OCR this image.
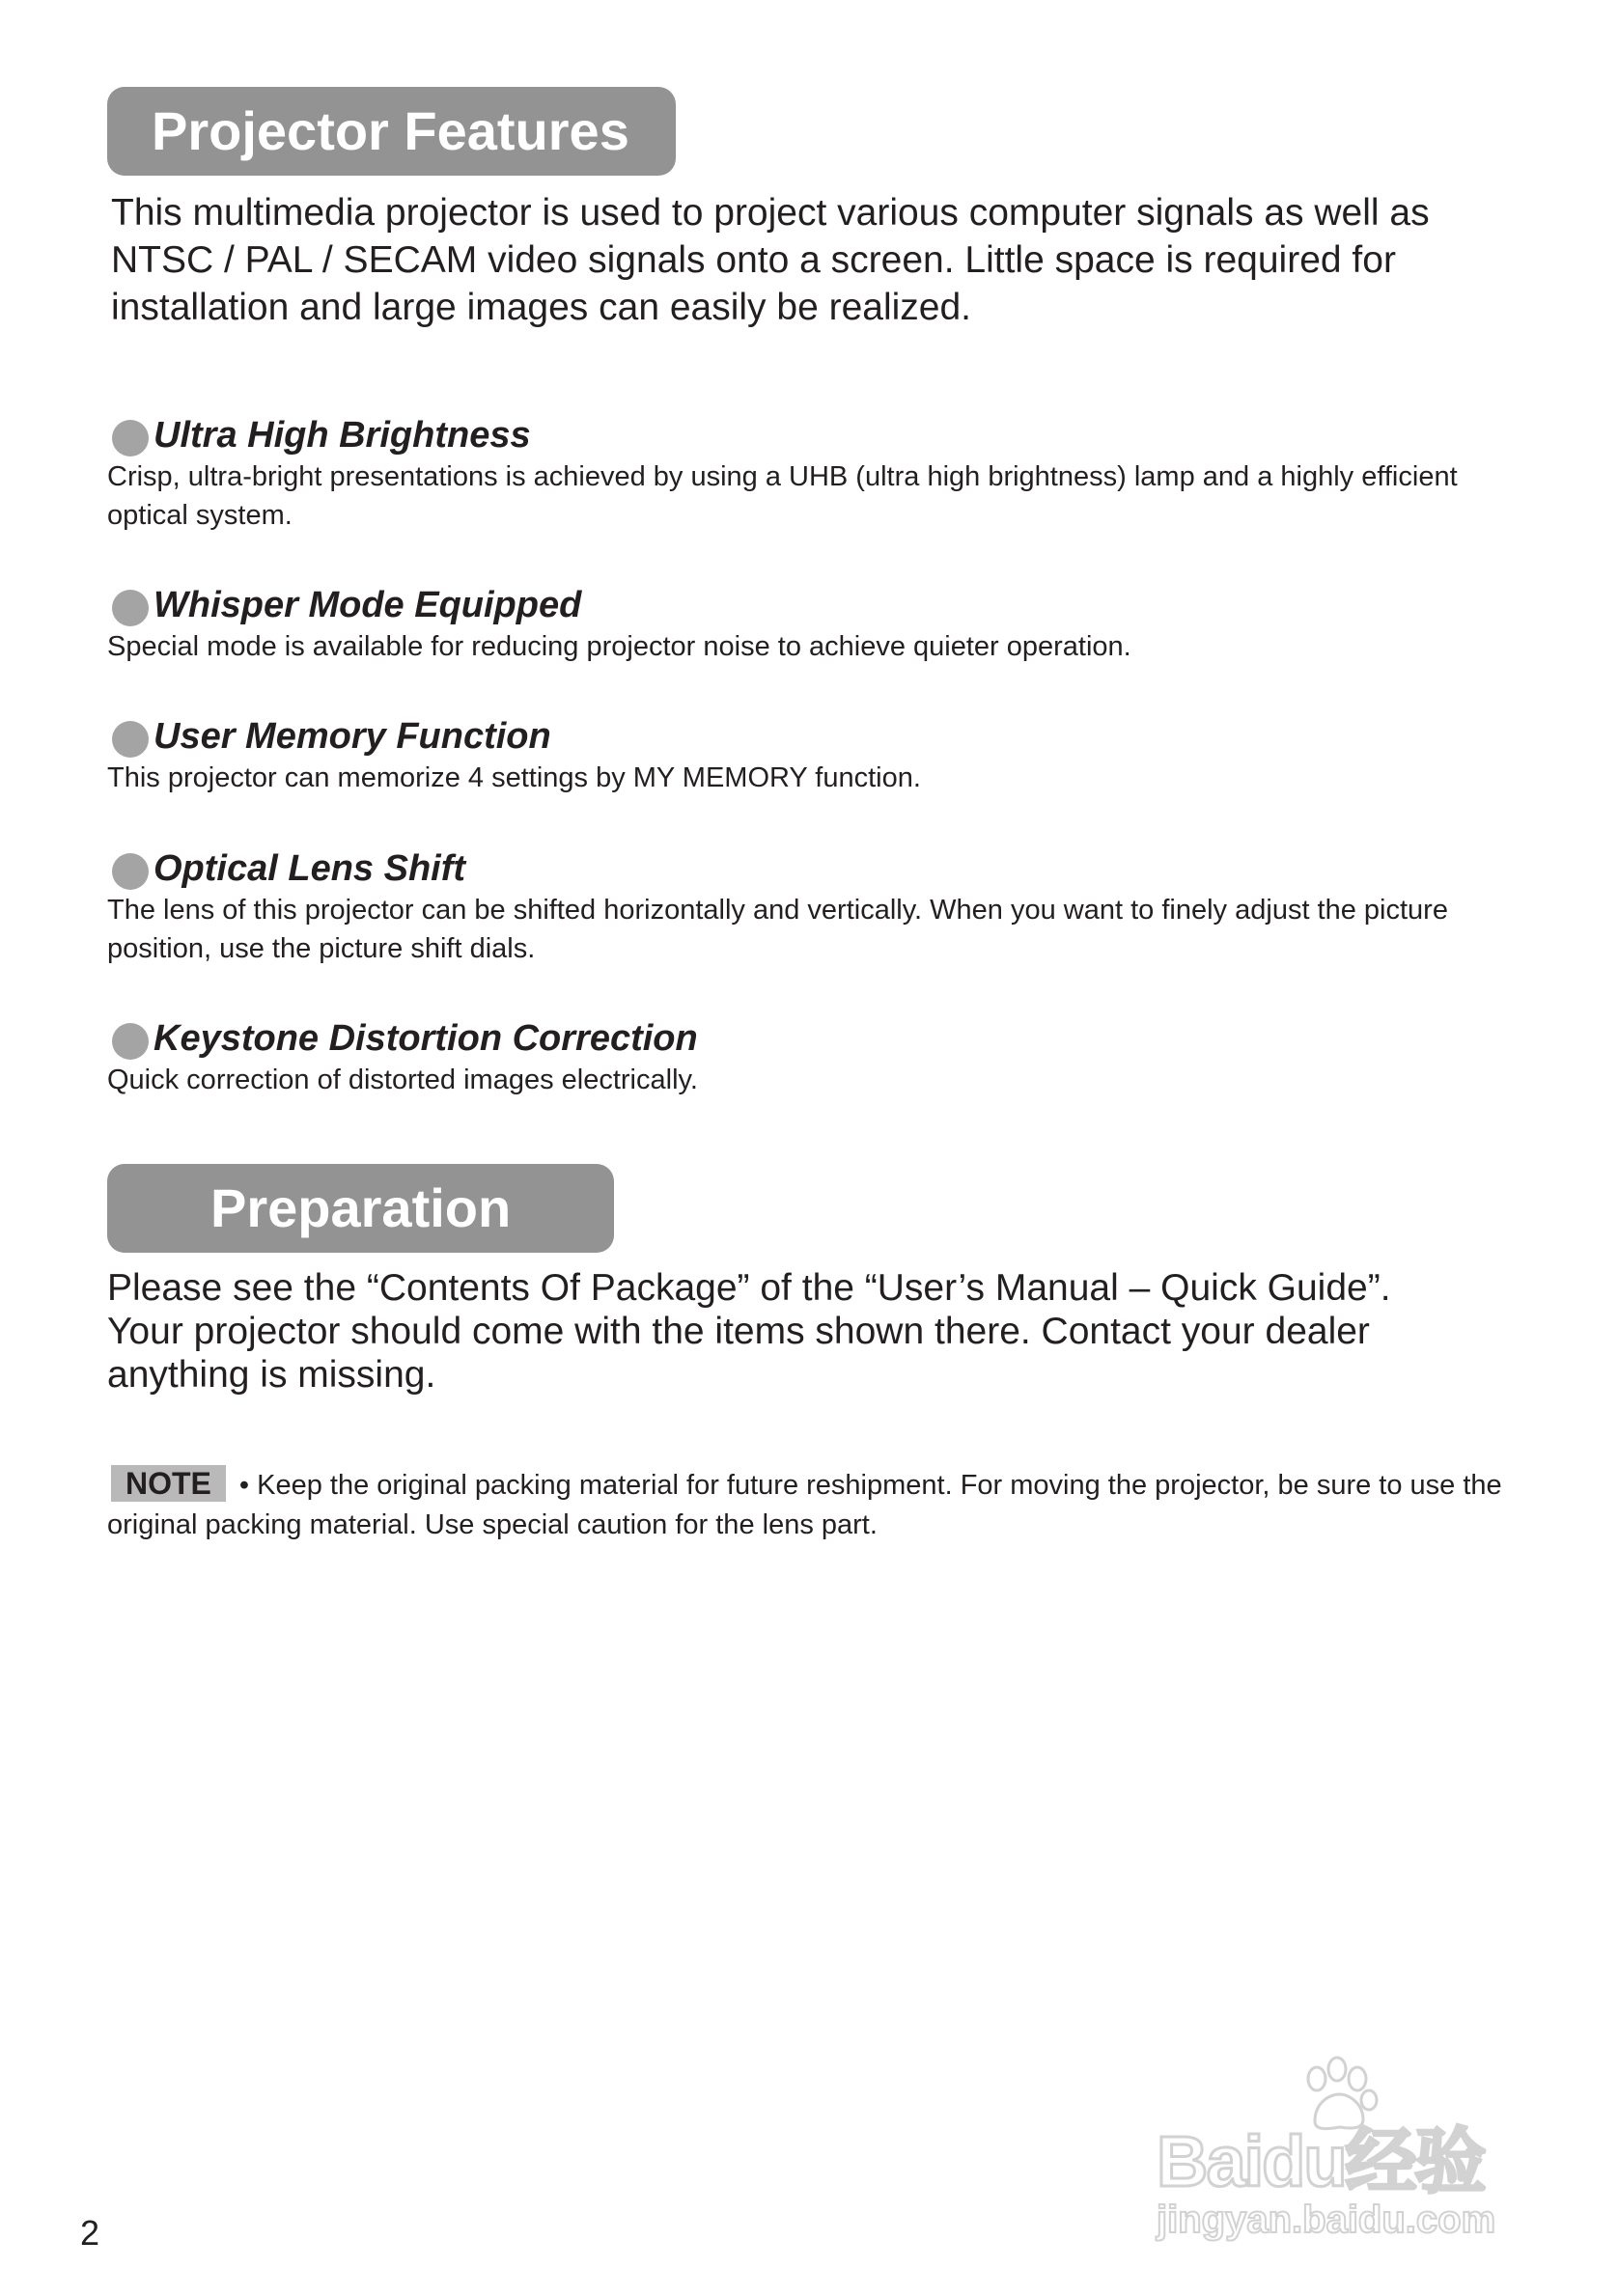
Projector Features

This multimedia projector is used to project various computer signals as well as NTSC / PAL / SECAM video signals onto a screen. Little space is required for installation and large images can easily be realized.

Ultra High Brightness

Crisp, ultra-bright presentations is achieved by using a UHB (ultra high brightness) lamp and a highly efficient optical system.

Whisper Mode Equipped

Special mode is available for reducing projector noise to achieve quieter operation.

User Memory Function

This projector can memorize 4 settings by MY MEMORY function.

Optical Lens Shift

The lens of this projector can be shifted horizontally and vertically. When you want to finely adjust the picture position, use the picture shift dials.

Keystone Distortion Correction

Quick correction of distorted images electrically.

Preparation
Please see the “Contents Of Package” of the “User’s Manual – Quick Guide”.
Your projector should come with the items shown there. Contact your dealer
anything is missing.

NOTE • Keep the original packing material for future reshipment. For moving the projector, be sure to use the original packing material. Use special caution for the lens part.

2
Baidu经验
jingyan.baidu.com
